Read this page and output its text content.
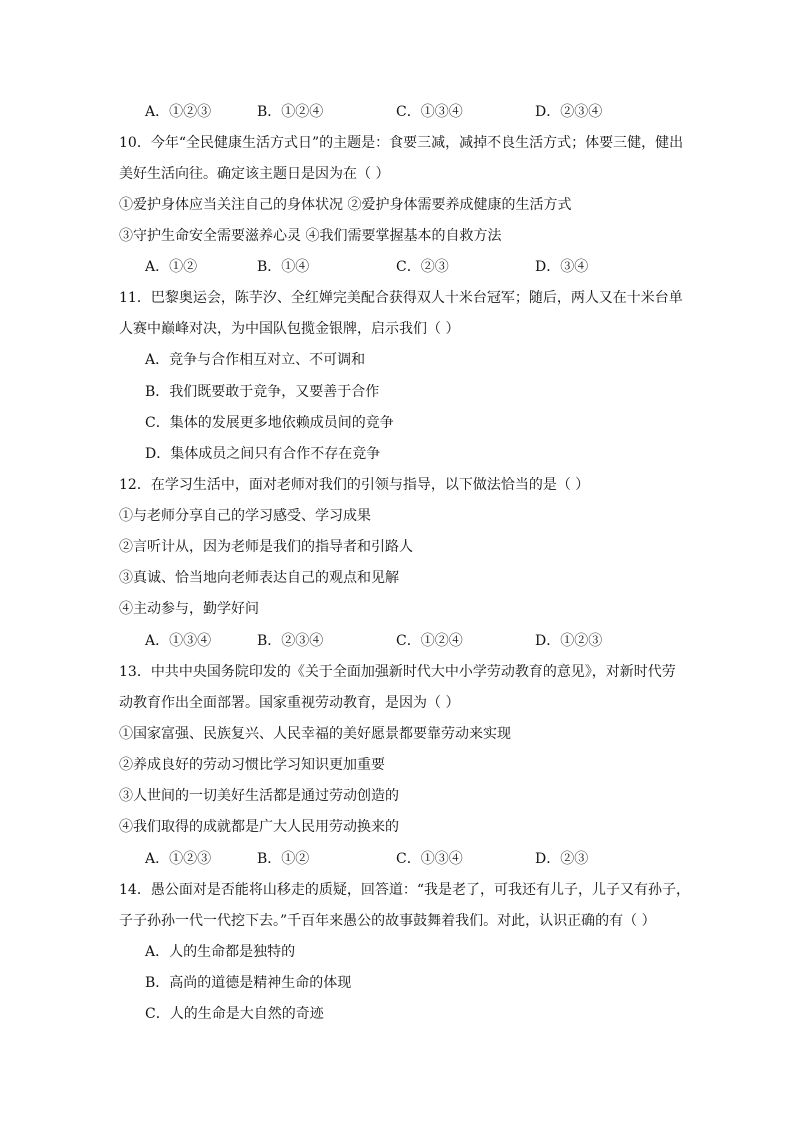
A．①②③	B．①②④	C．①③④	D．②③④
10．今年“全民健康生活方式日”的主题是：食要三减，减掉不良生活方式；体要三健，健出
美好生活向往。确定该主题日是因为在（ ）
①爱护身体应当关注自己的身体状况 ②爱护身体需要养成健康的生活方式
③守护生命安全需要滋养心灵 ④我们需要掌握基本的自救方法
A．①②	B．①④	C．②③	D．③④
11．巴黎奥运会，陈芋汐、全红婵完美配合获得双人十米台冠军；随后，两人又在十米台单
人赛中巅峰对决，为中国队包揽金银牌，启示我们（ ）
A．竞争与合作相互对立、不可调和
B．我们既要敢于竞争，又要善于合作
C．集体的发展更多地依赖成员间的竞争
D．集体成员之间只有合作不存在竞争
12．在学习生活中，面对老师对我们的引领与指导，以下做法恰当的是（ ）
①与老师分享自己的学习感受、学习成果
②言听计从，因为老师是我们的指导者和引路人
③真诚、恰当地向老师表达自己的观点和见解
④主动参与，勤学好问
A．①③④	B．②③④	C．①②④	D．①②③
13．中共中央国务院印发的《关于全面加强新时代大中小学劳动教育的意见》，对新时代劳
动教育作出全面部署。国家重视劳动教育，是因为（ ）
①国家富强、民族复兴、人民幸福的美好愿景都要靠劳动来实现
②养成良好的劳动习惯比学习知识更加重要
③人世间的一切美好生活都是通过劳动创造的
④我们取得的成就都是广大人民用劳动换来的
A．①②③	B．①②	C．①③④	D．②③
14．愚公面对是否能将山移走的质疑，回答道：“我是老了，可我还有儿子，儿子又有孙子，
子子孙孙一代一代挖下去。”千百年来愚公的故事鼓舞着我们。对此，认识正确的有（ ）
A．人的生命都是独特的
B．高尚的道德是精神生命的体现
C．人的生命是大自然的奇迹
